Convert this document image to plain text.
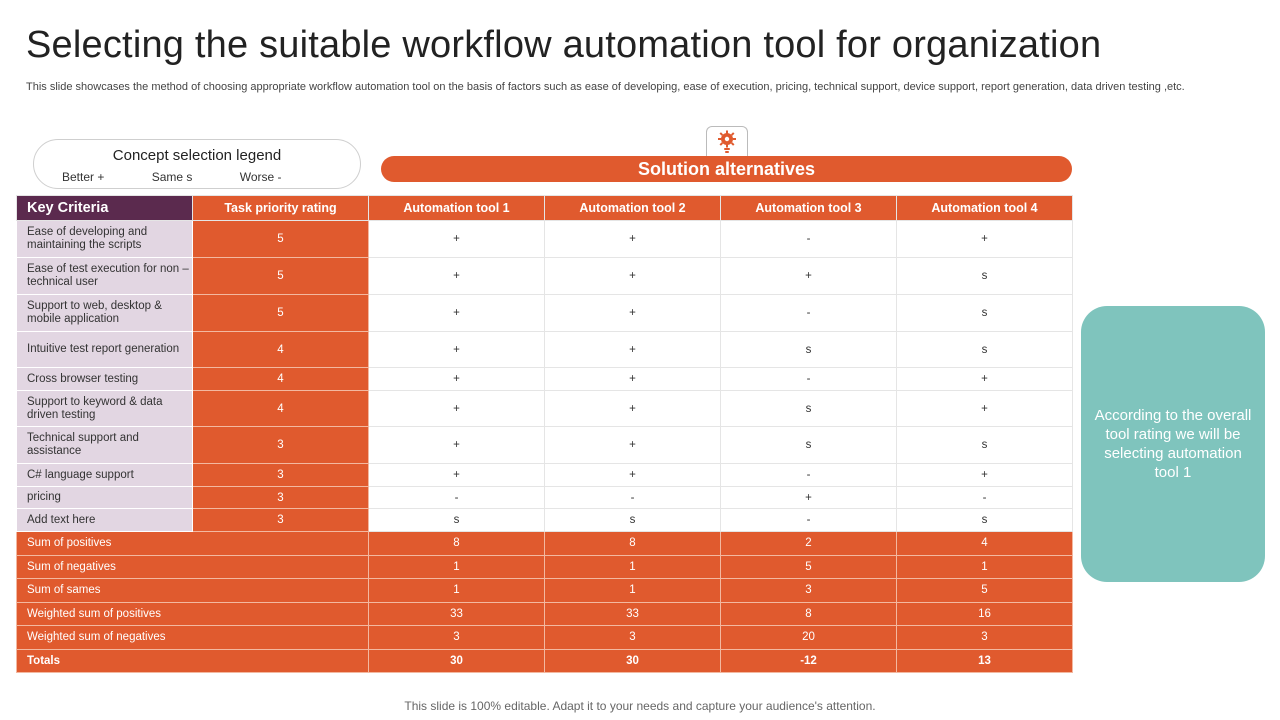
Selecting the suitable workflow automation tool for organization
This slide showcases the method of choosing appropriate workflow automation tool on the basis of factors such as ease of developing, ease of execution, pricing, technical support, device support, report generation, data driven testing ,etc.
Concept selection legend
Better +	Same s	Worse -	Solution alternatives
Key Criteria	Task priority rating	Automation tool 1	Automation tool 2	Automation tool 3	Automation tool 4
Ease of developing and maintaining the scripts	5	+	+	-	+
Ease of test execution for non –technical user	5	+	+	+	s
Support to web, desktop & mobile application	5	+	+	-	s
Intuitive test report generation	4	+	+	s	s
Cross browser testing	4	+	+	-	+
Support to keyword & data driven testing	4	+	+	s	+
Technical support and assistance	3	+	+	s	s
C# language support	3	+	+	-	+
pricing	3	-	-	+	-
Add text here	3	s	s	-	s
Sum of positives		8	8	2	4
Sum of negatives		1	1	5	1
Sum of sames		1	1	3	5
Weighted sum of positives		33	33	8	16
Weighted sum of negatives		3	3	20	3
Totals		30	30	-12	13
According to the overall tool rating we will be selecting automation tool 1
This slide is 100% editable. Adapt it to your needs and capture your audience's attention.
